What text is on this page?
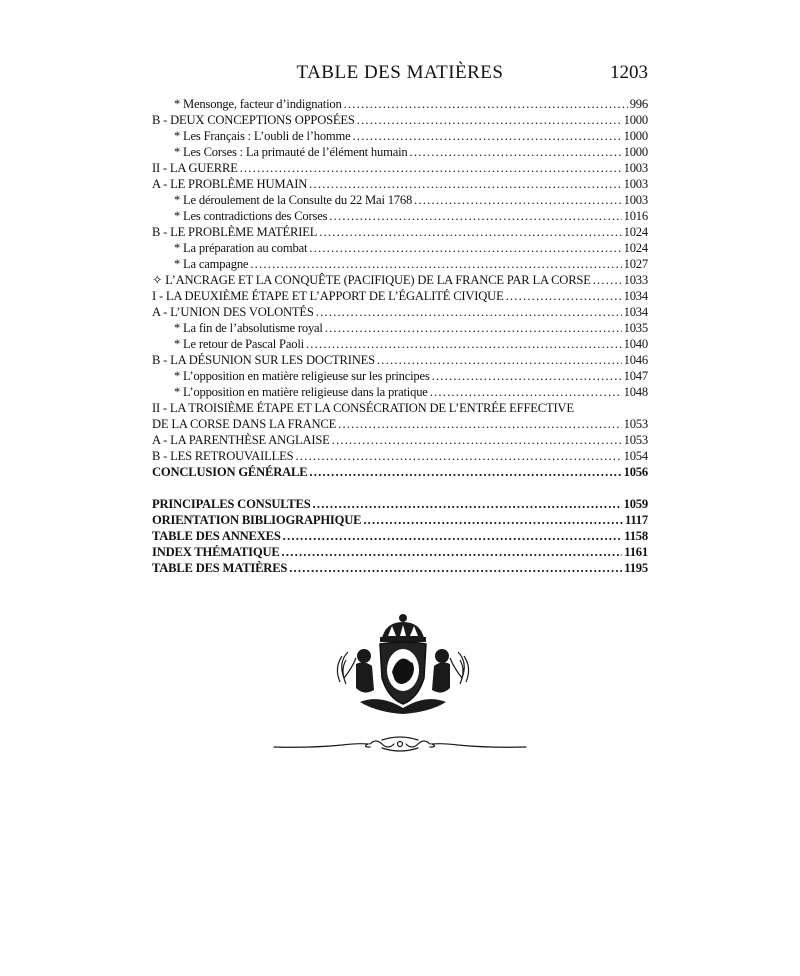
TABLE DES MATIÈRES	1203
* Mensonge, facteur d’indignation .....	996
B - DEUX CONCEPTIONS OPPOSÉES .....	1000
* Les Français : L’oubli de l’homme .....	1000
* Les Corses : La primauté de l’élément humain .....	1000
II - LA GUERRE .....	1003
A - LE PROBLÈME HUMAIN .....	1003
* Le déroulement de la Consulte du 22 Mai 1768 .....	1003
* Les contradictions des Corses .....	1016
B - LE PROBLÈME MATÉRIEL .....	1024
* La préparation au combat .....	1024
* La campagne .....	1027
✧ L’ANCRAGE ET LA CONQUÊTE (PACIFIQUE) DE LA FRANCE PAR LA CORSE .....	1033
I - LA DEUXIÈME ÉTAPE ET L’APPORT DE L’ÉGALITÉ CIVIQUE .....	1034
A - L’UNION DES VOLONTÉS .....	1034
* La fin de l’absolutisme royal .....	1035
* Le retour de Pascal Paoli .....	1040
B - LA DÉSUNION SUR LES DOCTRINES .....	1046
* L’opposition en matière religieuse sur les principes .....	1047
* L’opposition en matière religieuse dans la pratique .....	1048
II - LA TROISIÈME ÉTAPE ET LA CONSÉCRATION DE L’ENTRÉE EFFECTIVE
DE LA CORSE DANS LA FRANCE .....	1053
A - LA PARENTHÈSE ANGLAISE .....	1053
B - LES RETROUVAILLES .....	1054
CONCLUSION GÉNÉRALE .....	1056
PRINCIPALES CONSULTES .....	1059
ORIENTATION BIBLIOGRAPHIQUE .....	1117
TABLE DES ANNEXES .....	1158
INDEX THÉMATIQUE .....	1161
TABLE DES MATIÈRES .....	1195
